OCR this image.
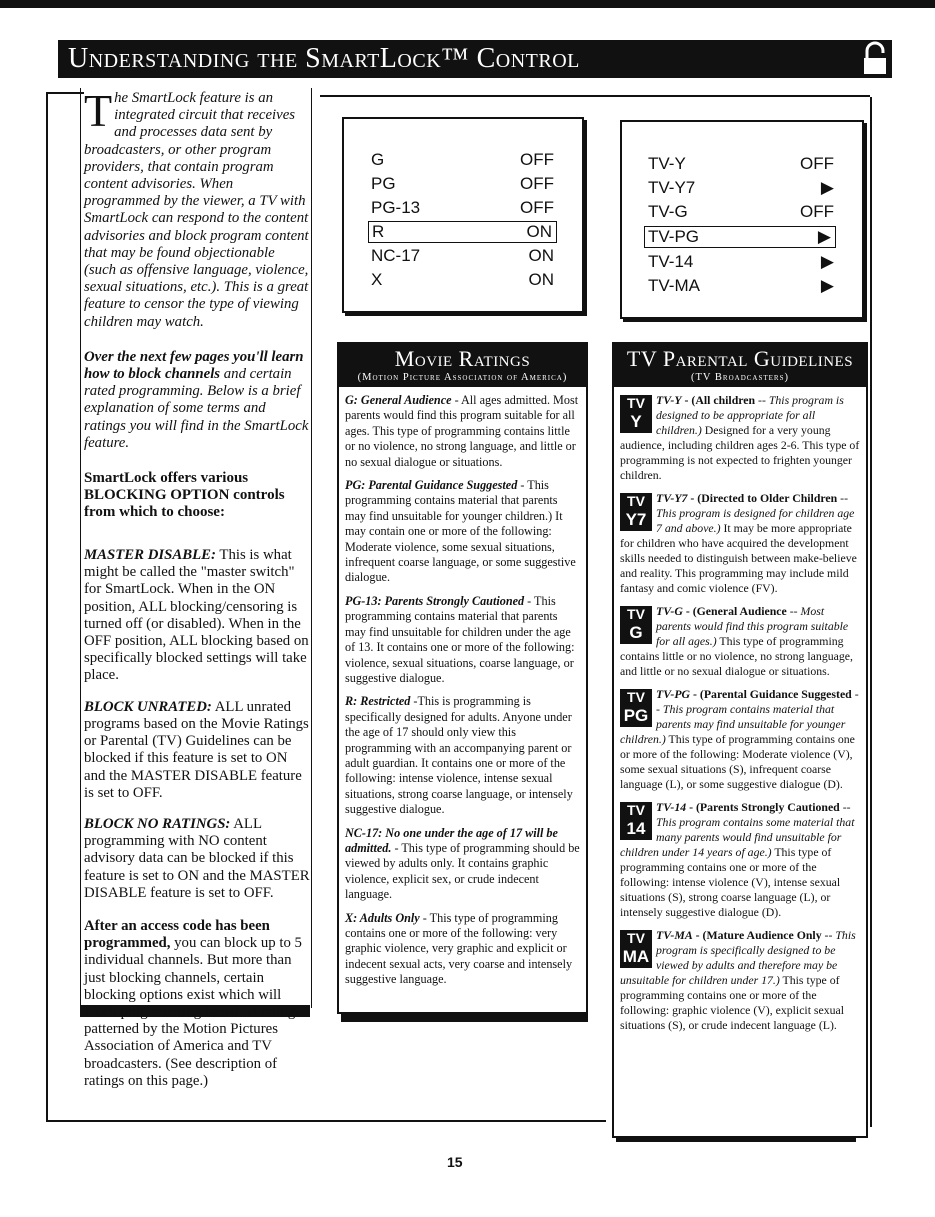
Understanding the SmartLock™ Control

The SmartLock feature is an integrated circuit that receives and processes data sent by broadcasters, or other program providers, that contain program content advisories. When programmed by the viewer, a TV with SmartLock can respond to the content advisories and block program content that may be found objectionable (such as offensive language, violence, sexual situations, etc.). This is a great feature to censor the type of viewing children may watch.

Over the next few pages you'll learn how to block channels and certain rated programming. Below is a brief explanation of some terms and ratings you will find in the SmartLock feature.

SmartLock offers various BLOCKING OPTION controls from which to choose:

MASTER DISABLE: This is what might be called the "master switch" for SmartLock. When in the ON position, ALL blocking/censoring is turned off (or disabled). When in the OFF position, ALL blocking based on specifically blocked settings will take place.

BLOCK UNRATED: ALL unrated programs based on the Movie Ratings or Parental (TV) Guidelines can be blocked if this feature is set to ON and the MASTER DISABLE feature is set to OFF.

BLOCK NO RATINGS: ALL programming with NO content advisory data can be blocked if this feature is set to ON and the MASTER DISABLE feature is set to OFF.

After an access code has been programmed, you can block up to 5 individual channels. But more than just blocking channels, certain blocking options exist which will block programming based on ratings patterned by the Motion Pictures Association of America and TV broadcasters. (See description of ratings on this page.)

G	OFF
PG	OFF
PG-13	OFF
R	ON
NC-17	ON
X	ON
TV-Y	OFF
TV-Y7	▶
TV-G	OFF
TV-PG	▶
TV-14	▶
TV-MA	▶
Movie Ratings
(Motion Picture Association of America)

G: General Audience - All ages admitted. Most parents would find this program suitable for all ages. This type of programming contains little or no violence, no strong language, and little or no sexual dialogue or situations.

PG: Parental Guidance Suggested - This programming contains material that parents may find unsuitable for younger children.) It may contain one or more of the following: Moderate violence, some sexual situations, infrequent coarse language, or some suggestive dialogue.

PG-13: Parents Strongly Cautioned - This programming contains material that parents may find unsuitable for children under the age of 13. It contains one or more of the following: violence, sexual situations, coarse language, or suggestive dialogue.

R: Restricted -This is programming is specifically designed for adults. Anyone under the age of 17 should only view this programming with an accompanying parent or adult guardian. It contains one or more of the following: intense violence, intense sexual situations, strong coarse language, or intensely suggestive dialogue.

NC-17: No one under the age of 17 will be admitted. - This type of programming should be viewed by adults only. It contains graphic violence, explicit sex, or crude indecent language.

X: Adults Only - This type of programming contains one or more of the following: very graphic violence, very graphic and explicit or indecent sexual acts, very coarse and intensely suggestive language.

TV Parental Guidelines
(TV Broadcasters)

TV
Y
TV-Y - (All children -- This program is designed to be appropriate for all children.) Designed for a very young audience, including children ages 2-6. This type of programming is not expected to frighten younger children.

TV
Y7
TV-Y7 - (Directed to Older Children -- This program is designed for children age 7 and above.) It may be more appropriate for children who have acquired the development skills needed to distinguish between make-believe and reality. This programming may include mild fantasy and comic violence (FV).

TV
G
TV-G - (General Audience -- Most parents would find this program suitable for all ages.) This type of programming contains little or no violence, no strong language, and little or no sexual dialogue or situations.

TV
PG
TV-PG - (Parental Guidance Suggested -- This program contains material that parents may find unsuitable for younger children.) This type of programming contains one or more of the following: Moderate violence (V), some sexual situations (S), infrequent coarse language (L), or some suggestive dialogue (D).

TV
14
TV-14 - (Parents Strongly Cautioned -- This program contains some material that many parents would find unsuitable for children under 14 years of age.) This type of programming contains one or more of the following: intense violence (V), intense sexual situations (S), strong coarse language (L), or intensely suggestive dialogue (D).

TV
MA
TV-MA - (Mature Audience Only -- This program is specifically designed to be viewed by adults and therefore may be unsuitable for children under 17.) This type of programming contains one or more of the following: graphic violence (V), explicit sexual situations (S), or crude indecent language (L).

15
